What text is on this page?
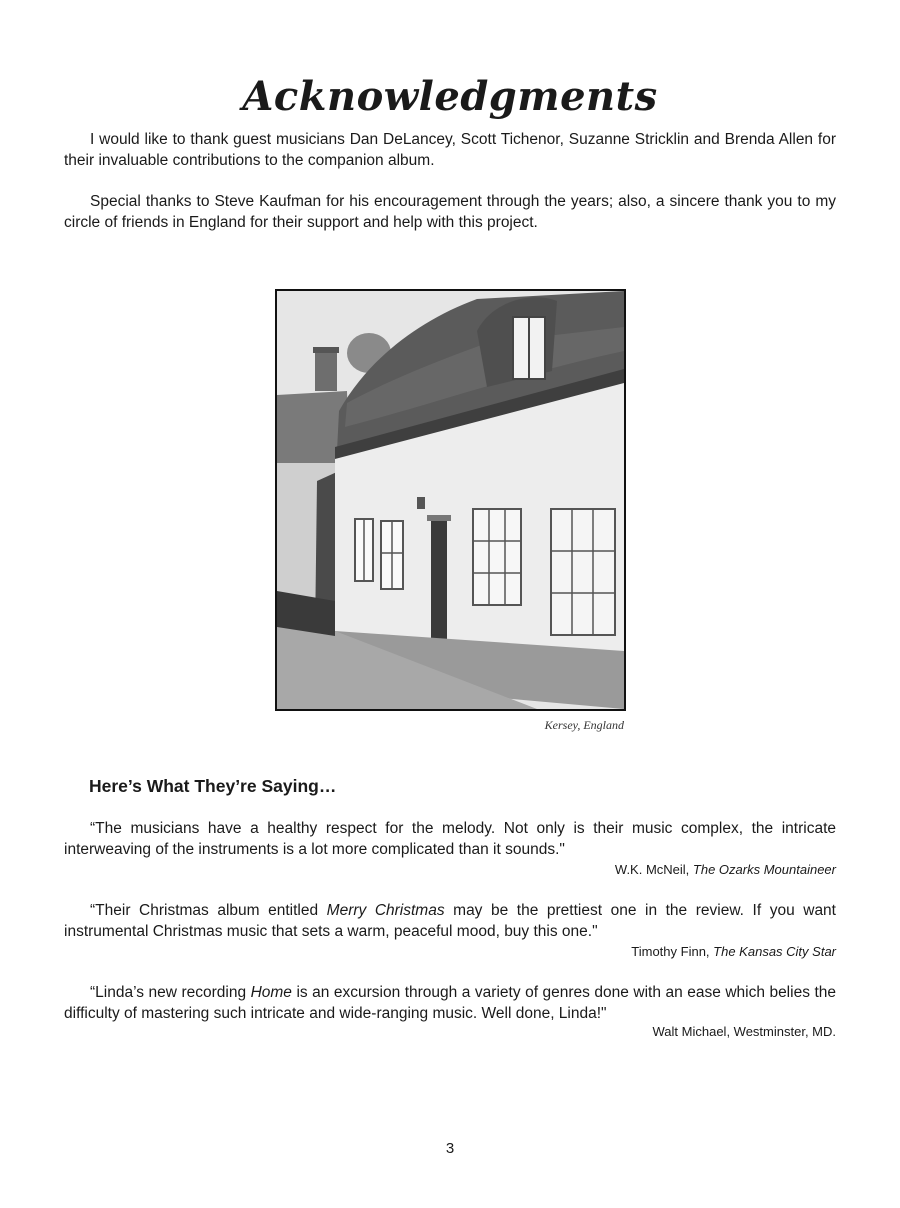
Acknowledgments

I would like to thank guest musicians Dan DeLancey, Scott Tichenor, Suzanne Stricklin and Brenda Allen for their invaluable contributions to the companion album.

Special thanks to Steve Kaufman for his encouragement through the years; also, a sincere thank you to my circle of friends in England for their support and help with this project.

Kersey, England
Here’s What They’re Saying…

“The musicians have a healthy respect for the melody. Not only is their music complex, the intricate interweaving of the instruments is a lot more complicated than it sounds."

W.K. McNeil, The Ozarks Mountaineer

“Their Christmas album entitled Merry Christmas may be the prettiest one in the review. If you want instrumental Christmas music that sets a warm, peaceful mood, buy this one."

Timothy Finn, The Kansas City Star

“Linda’s new recording Home is an excursion through a variety of genres done with an ease which belies the difficulty of mastering such intricate and wide-ranging music. Well done, Linda!"

Walt Michael, Westminster, MD.
3
